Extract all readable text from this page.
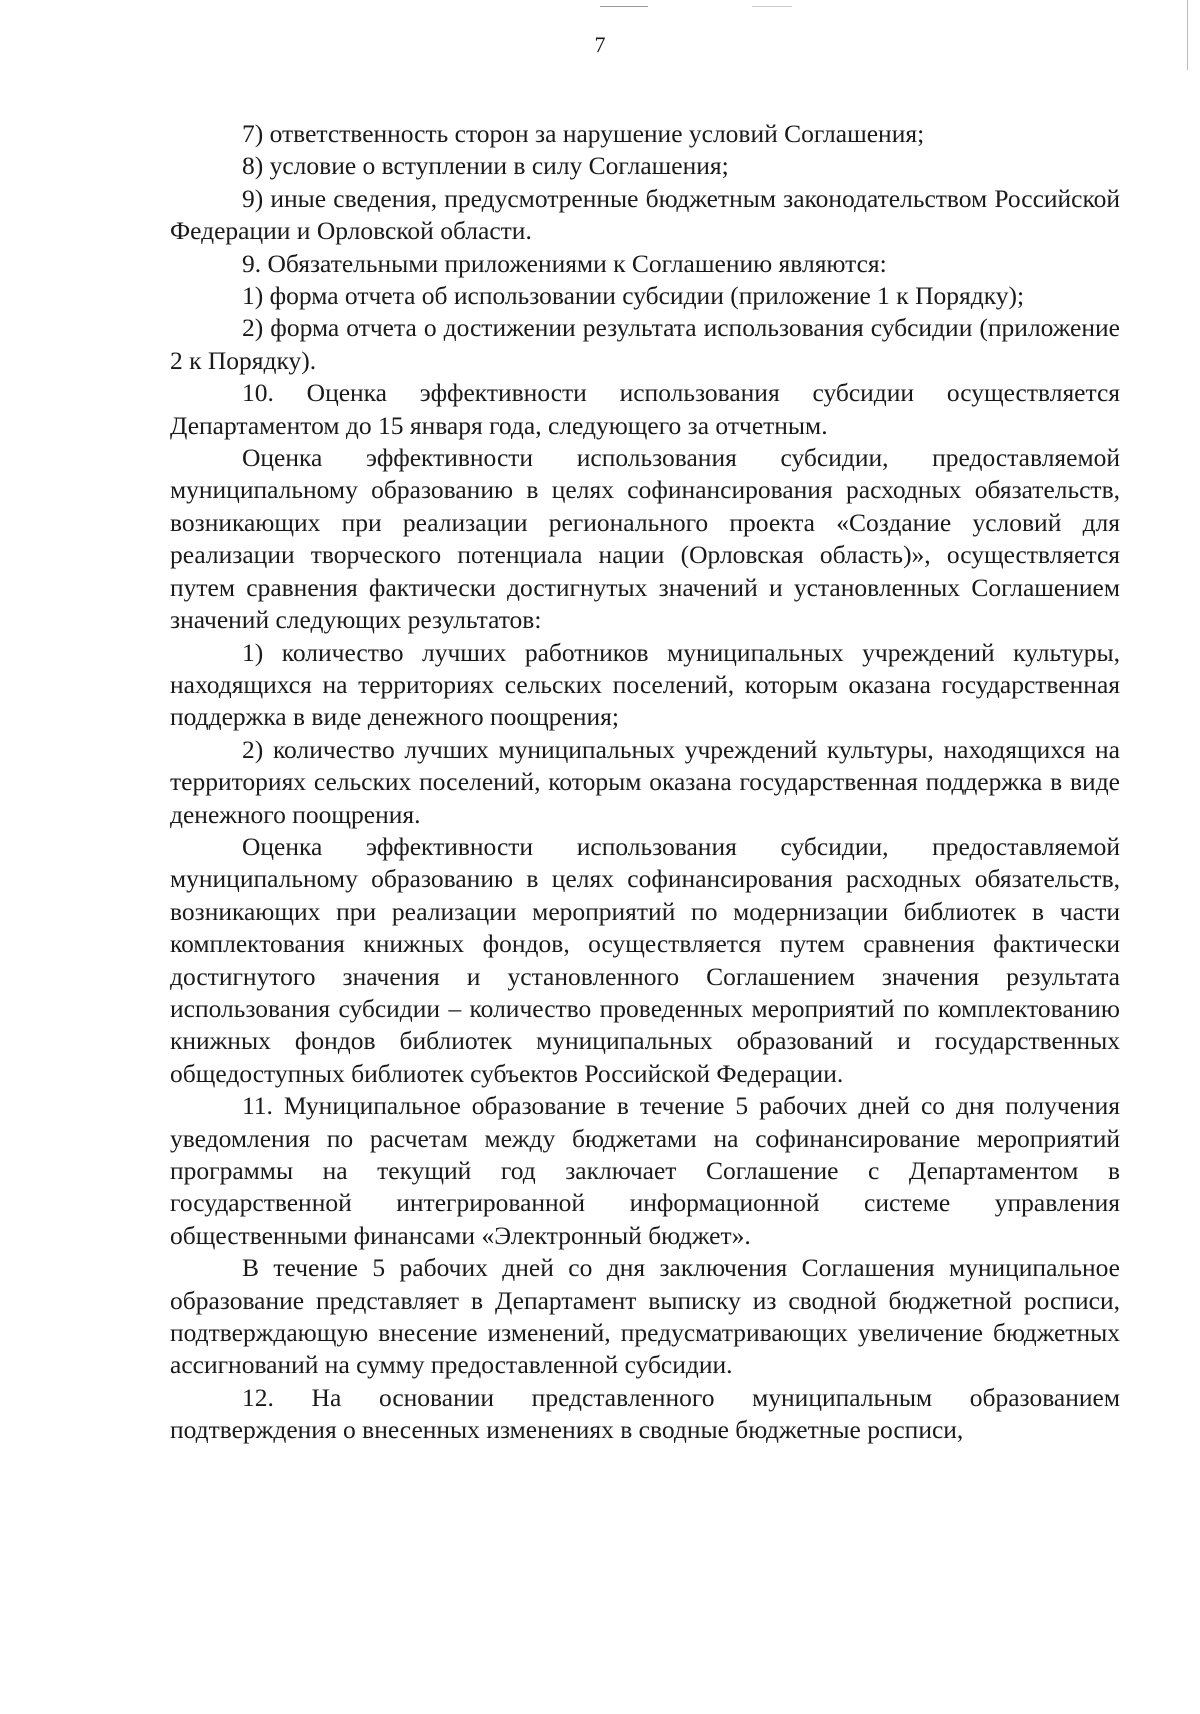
7

7) ответственность сторон за нарушение условий Соглашения;

8) условие о вступлении в силу Соглашения;

9) иные сведения, предусмотренные бюджетным законодательством Российской Федерации и Орловской области.

9. Обязательными приложениями к Соглашению являются:

1) форма отчета об использовании субсидии (приложение 1 к Порядку);

2) форма отчета о достижении результата использования субсидии (приложение 2 к Порядку).

10. Оценка эффективности использования субсидии осуществляется Департаментом до 15 января года, следующего за отчетным.

Оценка эффективности использования субсидии, предоставляемой муниципальному образованию в целях софинансирования расходных обязательств, возникающих при реализации регионального проекта «Создание условий для реализации творческого потенциала нации (Орловская область)», осуществляется путем сравнения фактически достигнутых значений и установленных Соглашением значений следующих результатов:

1) количество лучших работников муниципальных учреждений культуры, находящихся на территориях сельских поселений, которым оказана государственная поддержка в виде денежного поощрения;

2) количество лучших муниципальных учреждений культуры, находящихся на территориях сельских поселений, которым оказана государственная поддержка в виде денежного поощрения.

Оценка эффективности использования субсидии, предоставляемой муниципальному образованию в целях софинансирования расходных обязательств, возникающих при реализации мероприятий по модернизации библиотек в части комплектования книжных фондов, осуществляется путем сравнения фактически достигнутого значения и установленного Соглашением значения результата использования субсидии – количество проведенных мероприятий по комплектованию книжных фондов библиотек муниципальных образований и государственных общедоступных библиотек субъектов Российской Федерации.

11. Муниципальное образование в течение 5 рабочих дней со дня получения уведомления по расчетам между бюджетами на софинансирование мероприятий программы на текущий год заключает Соглашение с Департаментом в государственной интегрированной информационной системе управления общественными финансами «Электронный бюджет».

В течение 5 рабочих дней со дня заключения Соглашения муниципальное образование представляет в Департамент выписку из сводной бюджетной росписи, подтверждающую внесение изменений, предусматривающих увеличение бюджетных ассигнований на сумму предоставленной субсидии.

12. На основании представленного муниципальным образованием подтверждения о внесенных изменениях в сводные бюджетные росписи,
